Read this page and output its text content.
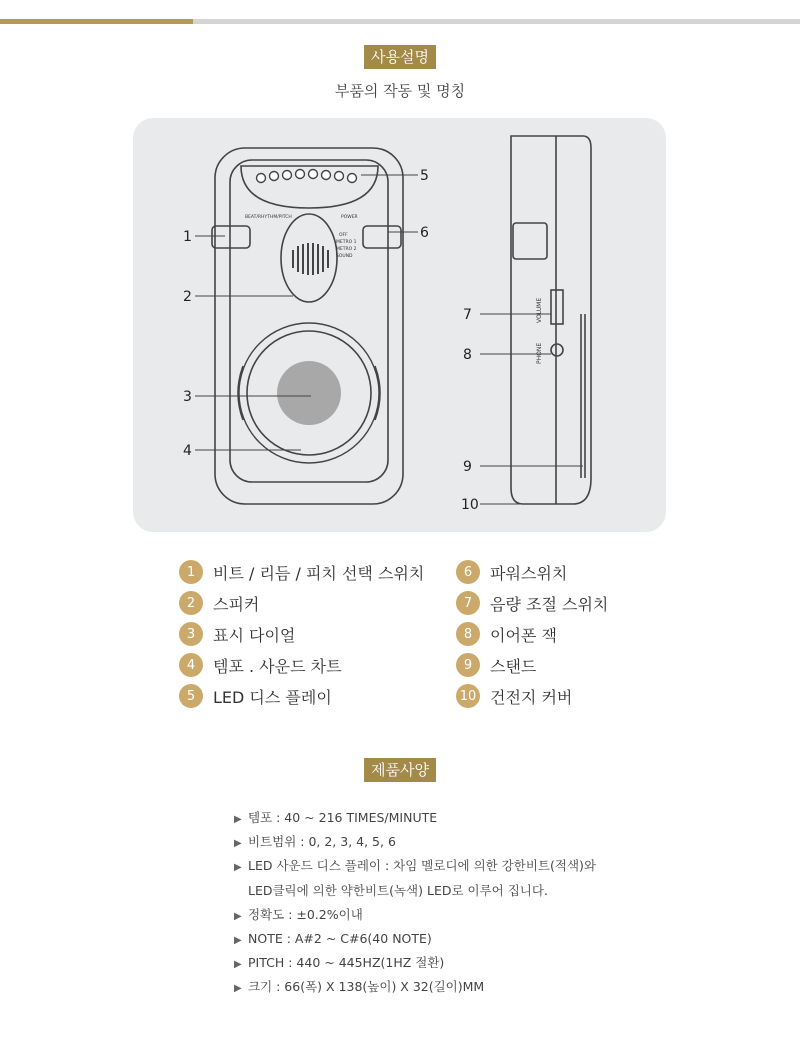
사용설명
부품의 작동 및 명칭
BEAT/RHYTHM/PITCH	POWER
OFF
METRO 1
METRO 2
SOUND
VOLUME
PHONE
1
2
3
4
5
6
7
8
9
10
1	비트 / 리듬 / 피치 선택 스위치
2	스피커
3	표시 다이얼
4	템포 . 사운드 차트
5	LED 디스 플레이
6	파워스위치
7	음량 조절 스위치
8	이어폰 잭
9	스탠드
10 건전지 커버
제품사양
▶ 템포 : 40 ~ 216 TIMES/MINUTE
▶ 비트범위 : 0, 2, 3, 4, 5, 6
▶ LED 사운드 디스 플레이 : 차임 멜로디에 의한 강한비트(적색)와
LED클릭에 의한 약한비트(녹색) LED로 이루어 집니다.
▶ 정확도 : ±0.2%이내
▶ NOTE : A#2 ~ C#6(40 NOTE)
▶ PITCH : 440 ~ 445HZ(1HZ 절환)
▶ 크기 : 66(폭) X 138(높이) X 32(길이)MM
